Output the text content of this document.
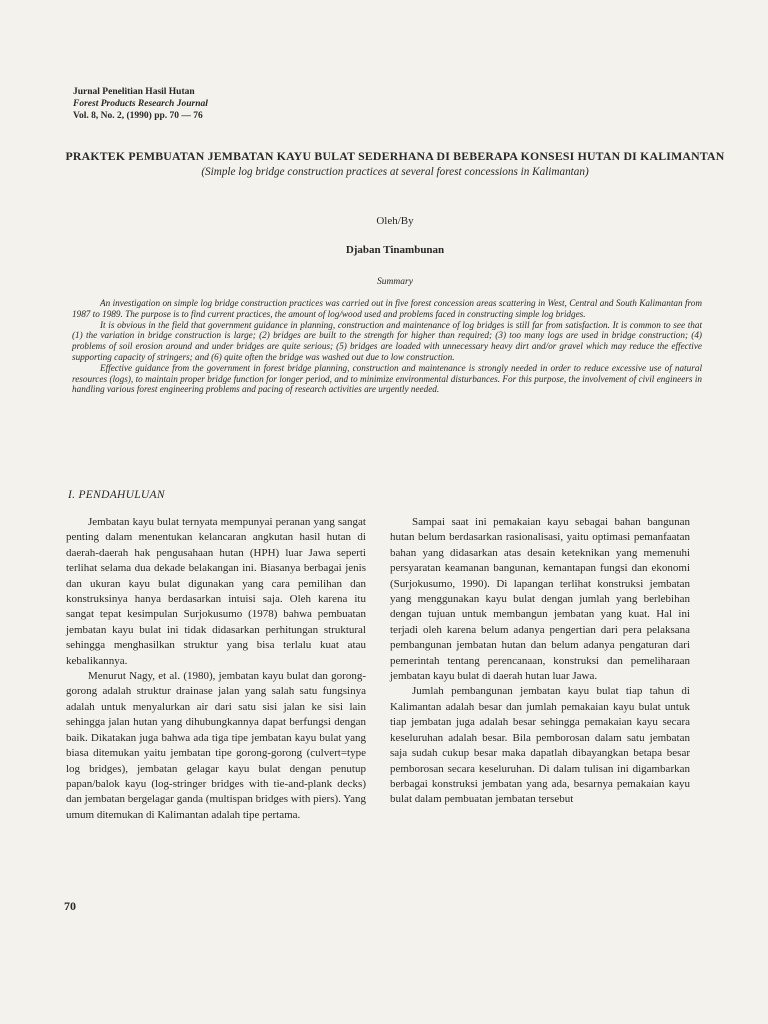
Jurnal Penelitian Hasil Hutan
Forest Products Research Journal
Vol. 8, No. 2, (1990) pp. 70 — 76
PRAKTEK PEMBUATAN JEMBATAN KAYU BULAT SEDERHANA DI BEBERAPA KONSESI HUTAN DI KALIMANTAN
(Simple log bridge construction practices at several forest concessions in Kalimantan)
Oleh/By
Djaban Tinambunan
Summary

An investigation on simple log bridge construction practices was carried out in five forest concession areas scattering in West, Central and South Kalimantan from 1987 to 1989. The purpose is to find current practices, the amount of log/wood used and problems faced in constructing simple log bridges.

It is obvious in the field that government guidance in planning, construction and maintenance of log bridges is still far from satisfaction. It is common to see that (1) the variation in bridge construction is large; (2) bridges are built to the strength for higher than required; (3) too many logs are used in bridge construction; (4) problems of soil erosion around and under bridges are quite serious; (5) bridges are loaded with unnecessary heavy dirt and/or gravel which may reduce the effective supporting capacity of stringers; and (6) quite often the bridge was washed out due to low construction.

Effective guidance from the government in forest bridge planning, construction and maintenance is strongly needed in order to reduce excessive use of natural resources (logs), to maintain proper bridge function for longer period, and to minimize environmental disturbances. For this purpose, the involvement of civil engineers in handling various forest engineering problems and pacing of research activities are urgently needed.

I. PENDAHULUAN

Jembatan kayu bulat ternyata mempunyai peranan yang sangat penting dalam menentukan kelancaran angkutan hasil hutan di daerah-daerah hak pengusahaan hutan (HPH) luar Jawa seperti terlihat selama dua dekade belakangan ini. Biasanya berbagai jenis dan ukuran kayu bulat digunakan yang cara pemilihan dan konstruksinya hanya berdasarkan intuisi saja. Oleh karena itu sangat tepat kesimpulan Surjokusumo (1978) bahwa pembuatan jembatan kayu bulat ini tidak didasarkan perhitungan struktural sehingga menghasilkan struktur yang bisa terlalu kuat atau kebalikannya.

Menurut Nagy, et al. (1980), jembatan kayu bulat dan gorong-gorong adalah struktur drainase jalan yang salah satu fungsinya adalah untuk menyalurkan air dari satu sisi jalan ke sisi lain sehingga jalan hutan yang dihubungkannya dapat berfungsi dengan baik. Dikatakan juga bahwa ada tiga tipe jembatan kayu bulat yang biasa ditemukan yaitu jembatan tipe gorong-gorong (culvert=type log bridges), jembatan gelagar kayu bulat dengan penutup papan/balok kayu (log-stringer bridges with tie-and-plank decks) dan jembatan bergelagar ganda (multispan bridges with piers). Yang umum ditemukan di Kalimantan adalah tipe pertama.

Sampai saat ini pemakaian kayu sebagai bahan bangunan hutan belum berdasarkan rasionalisasi, yaitu optimasi pemanfaatan bahan yang didasarkan atas desain keteknikan yang memenuhi persyaratan keamanan bangunan, kemantapan fungsi dan ekonomi (Surjokusumo, 1990). Di lapangan terlihat konstruksi jembatan yang menggunakan kayu bulat dengan jumlah yang berlebihan dengan tujuan untuk membangun jembatan yang kuat. Hal ini terjadi oleh karena belum adanya pengertian dari pera pelaksana pembangunan jembatan hutan dan belum adanya pengaturan dari pemerintah tentang perencanaan, konstruksi dan pemeliharaan jembatan kayu bulat di daerah hutan luar Jawa.

Jumlah pembangunan jembatan kayu bulat tiap tahun di Kalimantan adalah besar dan jumlah pemakaian kayu bulat untuk tiap jembatan juga adalah besar sehingga pemakaian kayu secara keseluruhan adalah besar. Bila pemborosan dalam satu jembatan saja sudah cukup besar maka dapatlah dibayangkan betapa besar pemborosan secara keseluruhan. Di dalam tulisan ini digambarkan berbagai konstruksi jembatan yang ada, besarnya pemakaian kayu bulat dalam pembuatan jembatan tersebut

70
